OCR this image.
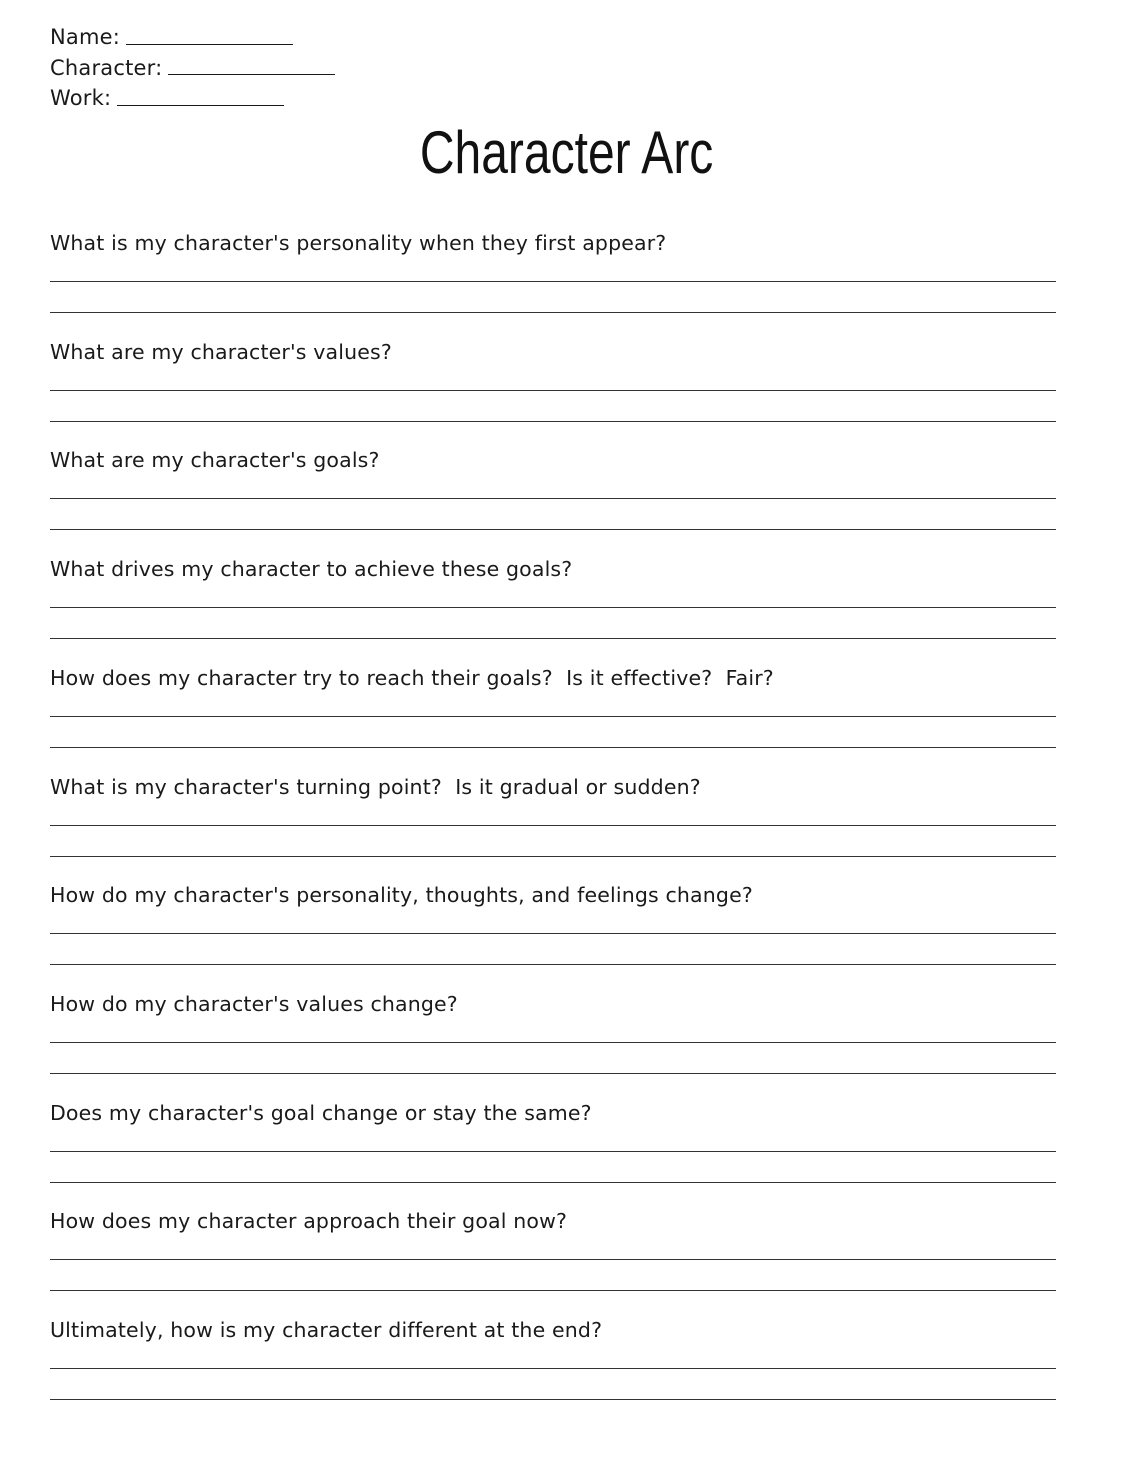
Name:
Character:
Work:
Character Arc
What is my character's personality when they first appear?
What are my character's values?
What are my character's goals?
What drives my character to achieve these goals?
How does my character try to reach their goals?  Is it effective?  Fair?
What is my character's turning point?  Is it gradual or sudden?
How do my character's personality, thoughts, and feelings change?
How do my character's values change?
Does my character's goal change or stay the same?
How does my character approach their goal now?
Ultimately, how is my character different at the end?
